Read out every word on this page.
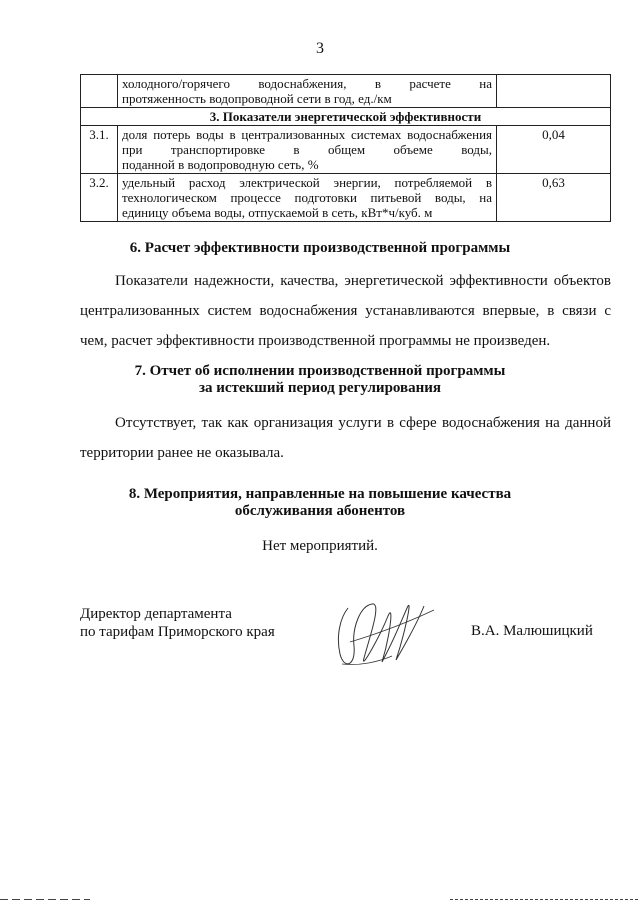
3
	холодного/горячего водоснабжения, в расчете на
протяженность водопроводной сети в год, ед./км	

3. Показатели энергетической эффективности		
3.1.	доля потерь воды в централизованных системах водоснабжения при транспортировке в общем объеме воды,
поданной в водопроводную сеть, %	0,04
3.2.	удельный расход электрической энергии, потребляемой в технологическом процессе подготовки питьевой воды, на
единицу объема воды, отпускаемой в сеть, кВт*ч/куб. м	0,63
6. Расчет эффективности производственной программы
Показатели надежности, качества, энергетической эффективности объектов централизованных систем водоснабжения устанавливаются впервые, в связи с чем, расчет эффективности производственной программы не произведен.
7. Отчет об исполнении производственной программы
за истекший период регулирования
Отсутствует, так как организация услуги в сфере водоснабжения на данной территории ранее не оказывала.
8. Мероприятия, направленные на повышение качества
обслуживания абонентов
Нет мероприятий.
Директор департамента
по тарифам Приморского края	В.А. Малюшицкий
